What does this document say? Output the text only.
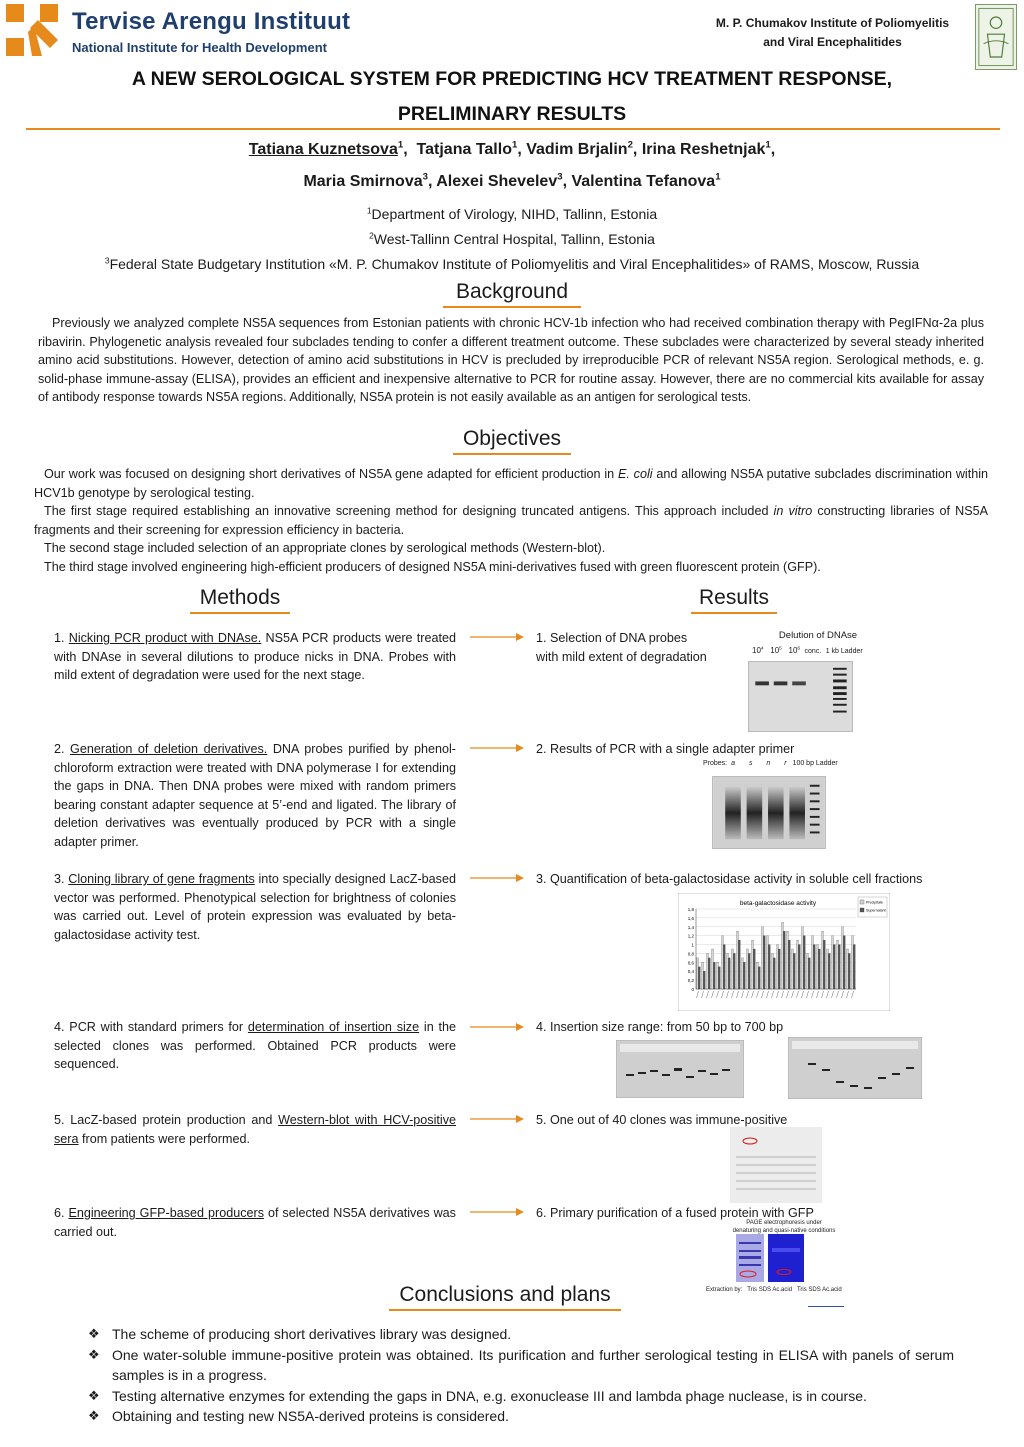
Tervise Arengu Instituut
National Institute for Health Development
M. P. Chumakov Institute of Poliomyelitis
and Viral Encephalitides
A NEW SEROLOGICAL SYSTEM FOR PREDICTING HCV TREATMENT RESPONSE,
PRELIMINARY RESULTS
Tatiana Kuznetsova$^1$,  Tatjana Tallo$^1$, Vadim Brjalin$^2$, Irina Reshetnjak$^1$,
Maria Smirnova$^3$, Alexei Shevelev$^3$, Valentina Tefanova$^1$
$^1$Department of Virology, NIHD, Tallinn, Estonia
$^2$West-Tallinn Central Hospital, Tallinn, Estonia
$^3$Federal State Budgetary Institution «M. P. Chumakov Institute of Poliomyelitis and Viral Encephalitides» of RAMS, Moscow, Russia
Background
Previously we analyzed complete NS5A sequences from Estonian patients with chronic HCV-1b infection who had received combination therapy with PegIFNα-2a plus ribavirin. Phylogenetic analysis revealed four subclades tending to confer a different treatment outcome. These subclades were characterized by several steady inherited amino acid substitutions. However, detection of amino acid substitutions in HCV is precluded by irreproducible PCR of relevant NS5A region. Serological methods, e. g. solid-phase immune-assay (ELISA), provides an efficient and inexpensive alternative to PCR for routine assay. However, there are no commercial kits available for assay of antibody response towards NS5A regions. Additionally, NS5A protein is not easily available as an antigen for serological tests.
Objectives
Our work was focused on designing short derivatives of NS5A gene adapted for efficient production in E. coli and allowing NS5A putative subclades discrimination within HCV1b genotype by serological testing.
The first stage required establishing an innovative screening method for designing truncated antigens. This approach included in vitro constructing libraries of NS5A fragments and their screening for expression efficiency in bacteria.
The second stage included selection of an appropriate clones by serological methods (Western-blot).
The third stage involved engineering high-efficient producers of designed NS5A mini-derivatives fused with green fluorescent protein (GFP).
Methods	Results
1. Nicking PCR product with DNAse. NS5A PCR products were treated with DNAse in several dilutions to produce nicks in DNA. Probes with mild extent of degradation were used for the next stage.
2. Generation of deletion derivatives. DNA probes purified by phenol-chloroform extraction were treated with DNA polymerase I for extending the gaps in DNA. Then DNA probes were mixed with random primers bearing constant adapter sequence at 5’-end and ligated. The library of deletion derivatives was eventually produced by PCR with a single adapter primer.
3. Cloning library of gene fragments into specially designed LacZ-based vector was performed. Phenotypical selection for brightness of colonies was carried out. Level of protein expression was evaluated by beta-galactosidase activity test.
4. PCR with standard primers for determination of insertion size in the selected clones was performed. Obtained PCR products were sequenced.
5. LacZ-based protein production and Western-blot with HCV-positive sera from patients were performed.
6. Engineering GFP-based producers of selected NS5A derivatives was carried out.
1. Selection of DNA probes
with mild extent of degradation
Delution of DNAse
$10^4$ $10^5$ $10^6$ conc. 1 kb Ladder
2. Results of PCR with a single adapter primer
Probes: a s n r 100 bp Ladder
3. Quantification of beta-galactosidase activity in soluble cell fractions
beta-galactosidase activity	Precipitate
Supernatant
1,8
1,6
1,4
1,2
1
0,8
0,6
0,4
0,2
0
4. Insertion size range: from 50 bp to 700 bp
5. One out of 40 clones was immune-positive
6. Primary purification of a fused protein with GFP
PAGE electrophoresis under
denaturing and quasi-native conditions
Extraction by: Tris SDS Ac.acid Tris SDS Ac.acid
Conclusions and plans
❖ The scheme of producing short derivatives library was designed.
❖ One water-soluble immune-positive protein was obtained. Its purification and further serological testing in ELISA with panels of serum samples is in a progress.
❖ Testing alternative enzymes for extending the gaps in DNA, e.g. exonuclease III and lambda phage nuclease, is in course.
❖ Obtaining and testing new NS5A-derived proteins is considered.
